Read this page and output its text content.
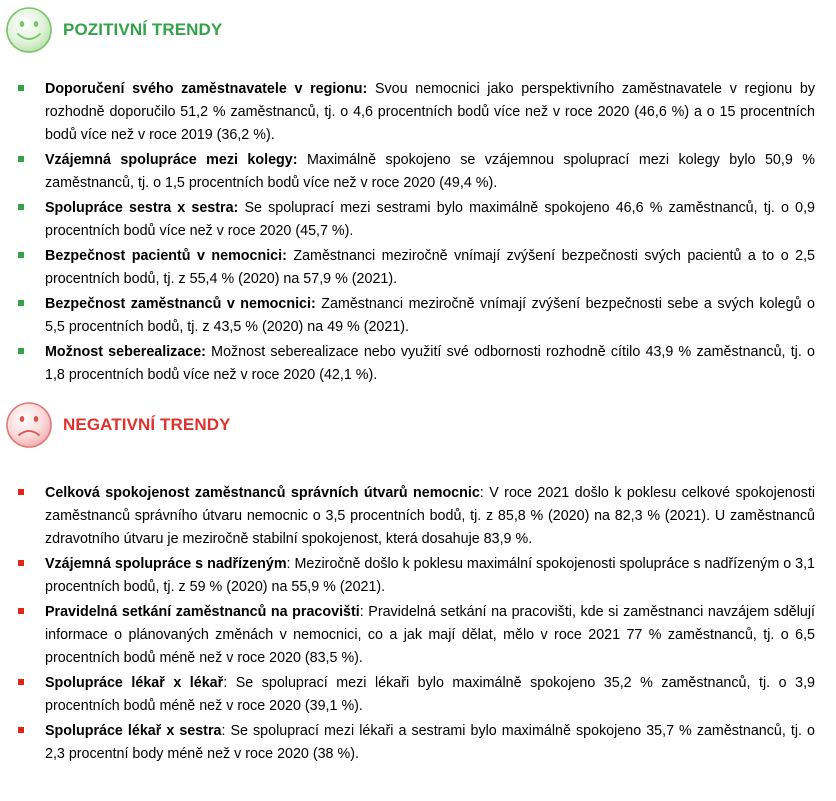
POZITIVNÍ TRENDY
Doporučení svého zaměstnavatele v regionu: Svou nemocnici jako perspektivního zaměstnavatele v regionu by rozhodně doporučilo 51,2 % zaměstnanců, tj. o 4,6 procentních bodů více než v roce 2020 (46,6 %) a o 15 procentních bodů více než v roce 2019 (36,2 %).
Vzájemná spolupráce mezi kolegy: Maximálně spokojeno se vzájemnou spoluprací mezi kolegy bylo 50,9 % zaměstnanců, tj. o 1,5 procentních bodů více než v roce 2020 (49,4 %).
Spolupráce sestra x sestra: Se spoluprací mezi sestrami bylo maximálně spokojeno 46,6 % zaměstnanců, tj. o 0,9 procentních bodů více než v roce 2020 (45,7 %).
Bezpečnost pacientů v nemocnici: Zaměstnanci meziročně vnímají zvýšení bezpečnosti svých pacientů a to o 2,5 procentních bodů, tj. z 55,4 % (2020) na 57,9 % (2021).
Bezpečnost zaměstnanců v nemocnici: Zaměstnanci meziročně vnímají zvýšení bezpečnosti sebe a svých kolegů o 5,5 procentních bodů, tj. z 43,5 % (2020) na 49 % (2021).
Možnost seberealizace: Možnost seberealizace nebo využití své odbornosti rozhodně cítilo 43,9 % zaměstnanců, tj. o 1,8 procentních bodů více než v roce 2020 (42,1 %).
NEGATIVNÍ TRENDY
Celková spokojenost zaměstnanců správních útvarů nemocnic: V roce 2021 došlo k poklesu celkové spokojenosti zaměstnanců správního útvaru nemocnic o 3,5 procentních bodů, tj. z 85,8 % (2020) na 82,3 % (2021). U zaměstnanců zdravotního útvaru je meziročně stabilní spokojenost, která dosahuje 83,9 %.
Vzájemná spolupráce s nadřízeným: Meziročně došlo k poklesu maximální spokojenosti spolupráce s nadřízeným o 3,1 procentních bodů, tj. z 59 % (2020) na 55,9 % (2021).
Pravidelná setkání zaměstnanců na pracovišti: Pravidelná setkání na pracovišti, kde si zaměstnanci navzájem sdělují informace o plánovaných změnách v nemocnici, co a jak mají dělat, mělo v roce 2021 77 % zaměstnanců, tj. o 6,5 procentních bodů méně než v roce 2020 (83,5 %).
Spolupráce lékař x lékař: Se spoluprací mezi lékaři bylo maximálně spokojeno 35,2 % zaměstnanců, tj. o 3,9 procentních bodů méně než v roce 2020 (39,1 %).
Spolupráce lékař x sestra: Se spoluprací mezi lékaři a sestrami bylo maximálně spokojeno 35,7 % zaměstnanců, tj. o 2,3 procentní body méně než v roce 2020 (38 %).
